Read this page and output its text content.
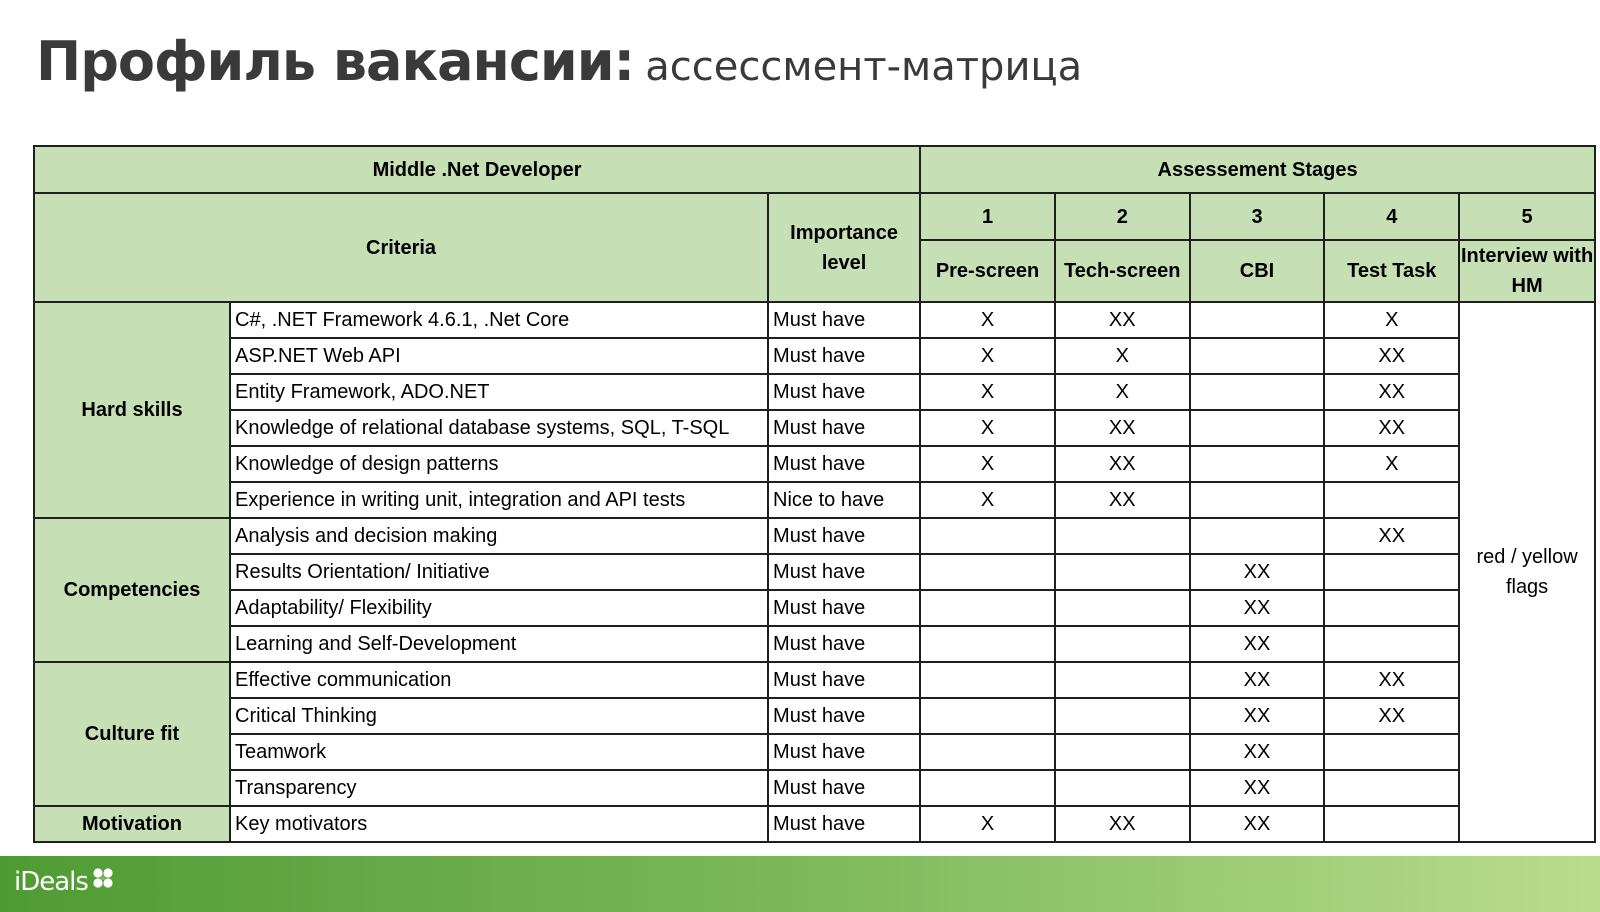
Профиль вакансии: ассессмент-матрица
Middle .Net Developer			Assessement Stages				
Criteria		Importance level	1	2	3	4	5
			Pre-screen	Tech-screen	CBI	Test Task	Interview with HM
Hard skills	C#, .NET Framework 4.6.1, .Net Core	Must have	X	XX		X	red / yellow flags
	ASP.NET Web API	Must have	X	X		XX	
	Entity Framework, ADO.NET	Must have	X	X		XX	
	Knowledge of relational database systems, SQL, T-SQL	Must have	X	XX		XX	
	Knowledge of design patterns	Must have	X	XX		X	
	Experience in writing unit, integration and API tests	Nice to have	X	XX			
Competencies	Analysis and decision making	Must have				XX	
	Results Orientation/ Initiative	Must have			XX		
	Adaptability/ Flexibility	Must have			XX		
	Learning and Self-Development	Must have			XX		
Culture fit	Effective communication	Must have			XX	XX	
	Critical Thinking	Must have			XX	XX	
	Teamwork	Must have			XX		
	Transparency	Must have			XX		
Motivation	Key motivators	Must have	X	XX	XX		
iDeals
